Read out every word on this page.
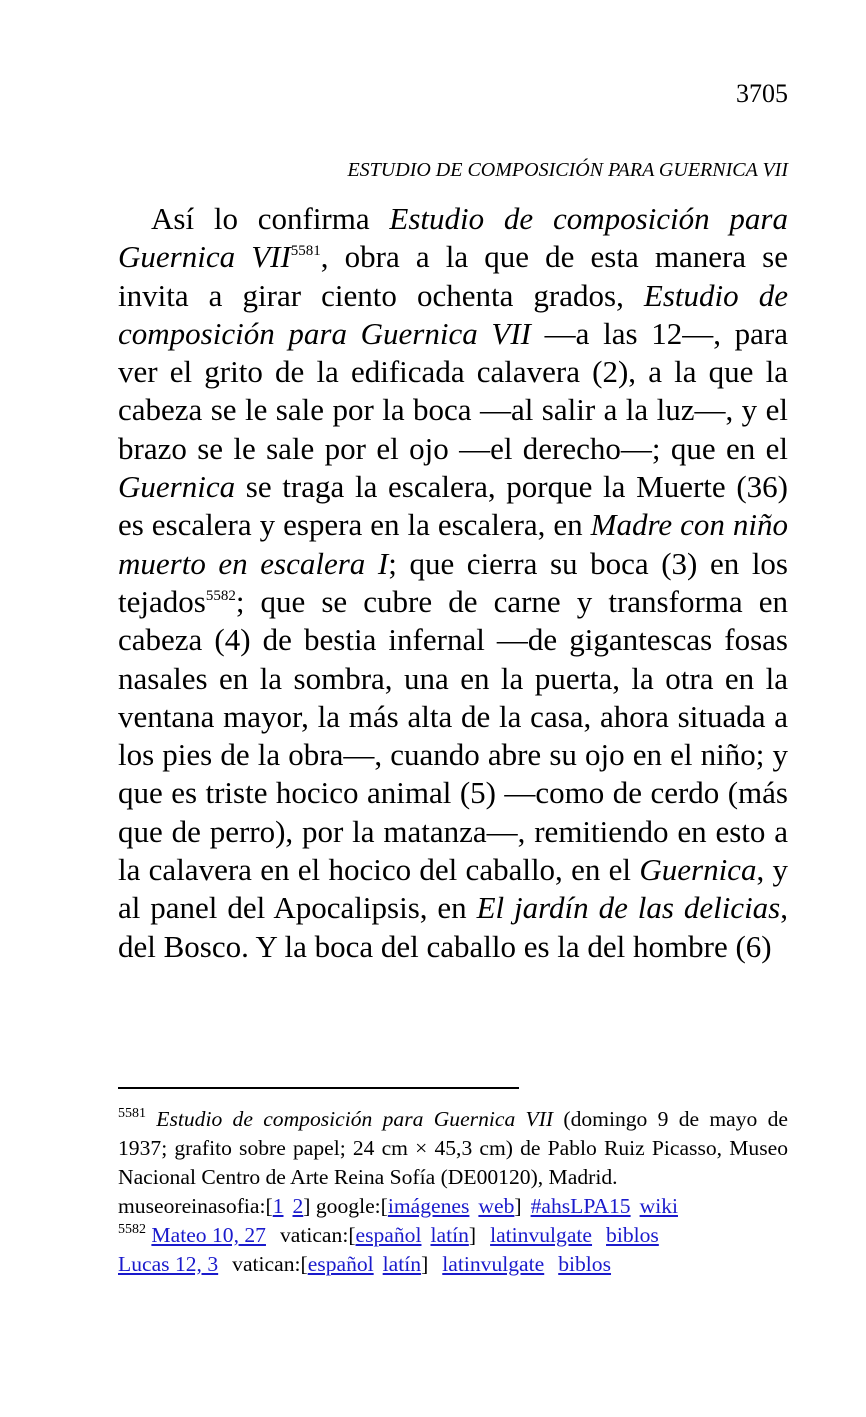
3705
ESTUDIO DE COMPOSICIÓN PARA GUERNICA VII
Así lo confirma Estudio de composición para Guernica $VII^{5581}$, obra a la que de esta manera se invita a girar ciento ochenta grados, Estudio de composición para Guernica VII —a las 12—, para ver el grito de la edificada calavera (2), a la que la cabeza se le sale por la boca —al salir a la luz—, y el brazo se le sale por el ojo —el derecho—; que en el Guernica se traga la escalera, porque la Muerte (36) es escalera y espera en la escalera, en Madre con niño muerto en escalera I; que cierra su boca (3) en los tejados$^{5582}$; que se cubre de carne y transforma en cabeza (4) de bestia infernal —de gigantescas fosas nasales en la sombra, una en la puerta, la otra en la ventana mayor, la más alta de la casa, ahora situada a los pies de la obra—, cuando abre su ojo en el niño; y que es triste hocico animal (5) —como de cerdo (más que de perro), por la matanza—, remitiendo en esto a la calavera en el hocico del caballo, en el Guernica, y al panel del Apocalipsis, en El jardín de las delicias, del Bosco. Y la boca del caballo es la del hombre (6)
$^{5581}$ Estudio de composición para Guernica VII (domingo 9 de mayo de 1937; grafito sobre papel; 24 cm × 45,3 cm) de Pablo Ruiz Picasso, Museo Nacional Centro de Arte Reina Sofía (DE00120), Madrid.
museoreinasofia:[1 2] google:[imágenes web] #ahsLPA15 wiki
$^{5582}$ Mateo 10, 27 vatican:[español latín] latinvulgate biblos
Lucas 12, 3 vatican:[español latín] latinvulgate biblos
